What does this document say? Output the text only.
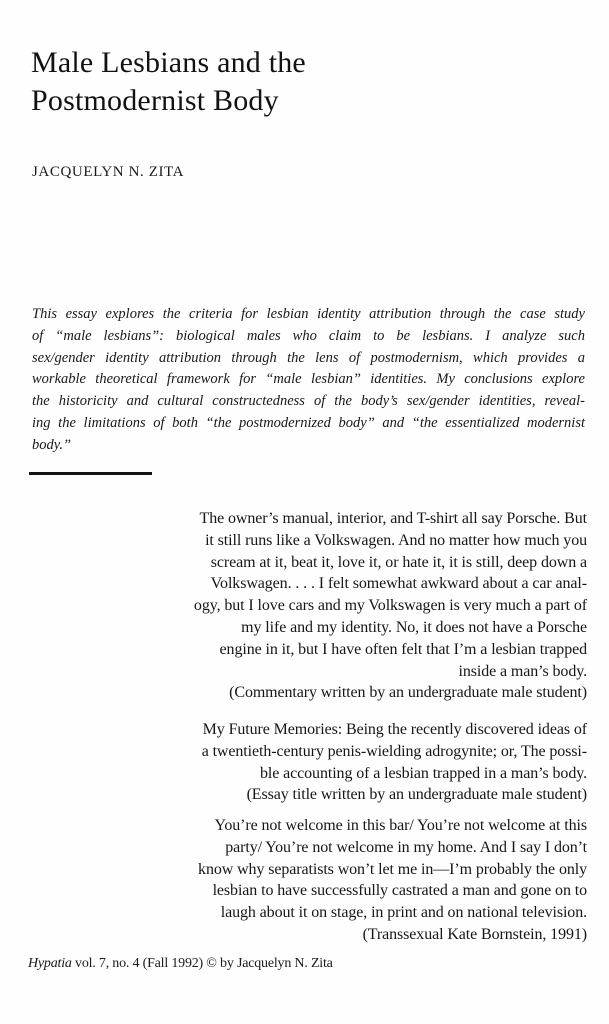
Male Lesbians and the
Postmodernist Body
JACQUELYN N. ZITA
This essay explores the criteria for lesbian identity attribution through the case study
of “male lesbians”: biological males who claim to be lesbians. I analyze such
sex/gender identity attribution through the lens of postmodernism, which provides a
workable theoretical framework for “male lesbian” identities. My conclusions explore
the historicity and cultural constructedness of the body’s sex/gender identities, reveal-
ing the limitations of both “the postmodernized body” and “the essentialized modernist
body.”
The owner’s manual, interior, and T-shirt all say Porsche. But
it still runs like a Volkswagen. And no matter how much you
scream at it, beat it, love it, or hate it, it is still, deep down a
Volkswagen. . . . I felt somewhat awkward about a car anal-
ogy, but I love cars and my Volkswagen is very much a part of
my life and my identity. No, it does not have a Porsche
engine in it, but I have often felt that I’m a lesbian trapped
inside a man’s body.
(Commentary written by an undergraduate male student)
My Future Memories: Being the recently discovered ideas of
a twentieth-century penis-wielding adrogynite; or, The possi-
ble accounting of a lesbian trapped in a man’s body.
(Essay title written by an undergraduate male student)
You’re not welcome in this bar/ You’re not welcome at this
party/ You’re not welcome in my home. And I say I don’t
know why separatists won’t let me in—I’m probably the only
lesbian to have successfully castrated a man and gone on to
laugh about it on stage, in print and on national television.
(Transsexual Kate Bornstein, 1991)
Hypatia vol. 7, no. 4 (Fall 1992) © by Jacquelyn N. Zita
